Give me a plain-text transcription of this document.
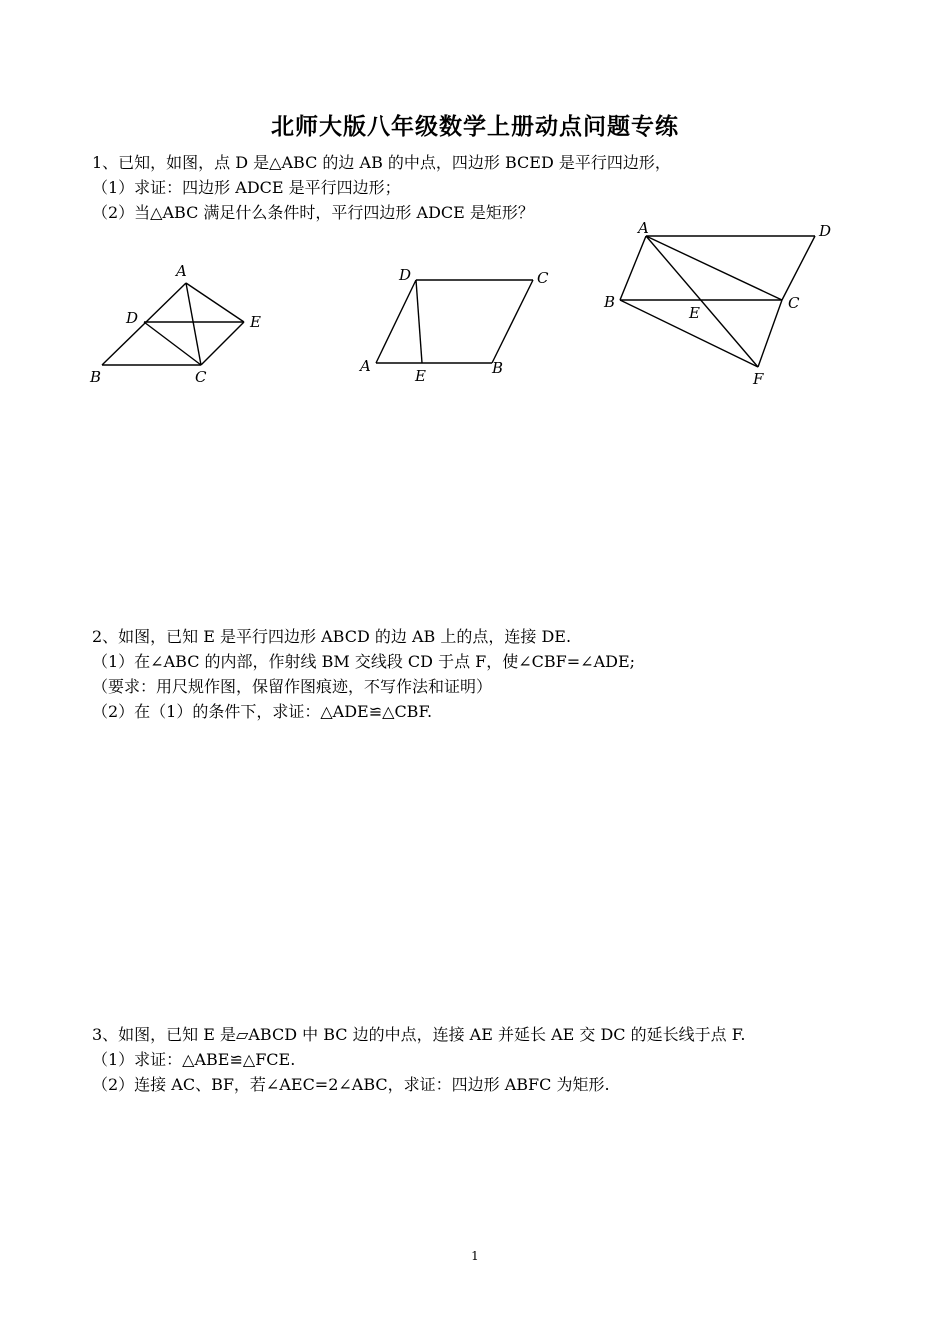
北师大版八年级数学上册动点问题专练
1、已知，如图，点 D 是△ABC 的边 AB 的中点，四边形 BCED 是平行四边形，
（1）求证：四边形 ADCE 是平行四边形；
（2）当△ABC 满足什么条件时，平行四边形 ADCE 是矩形？
A
D	E
B	C
D	C
A
E	B
A	D
B	C
E
F
2、如图，已知 E 是平行四边形 ABCD 的边 AB 上的点，连接 DE.
（1）在∠ABC 的内部，作射线 BM 交线段 CD 于点 F，使∠CBF=∠ADE;
（要求：用尺规作图，保留作图痕迹，不写作法和证明）
（2）在（1）的条件下，求证：△ADE≌△CBF.
3、如图，已知 E 是▱ABCD 中 BC 边的中点，连接 AE 并延长 AE 交 DC 的延长线于点 F.
（1）求证：△ABE≌△FCE.
（2）连接 AC、BF，若∠AEC=2∠ABC，求证：四边形 ABFC 为矩形.
1
